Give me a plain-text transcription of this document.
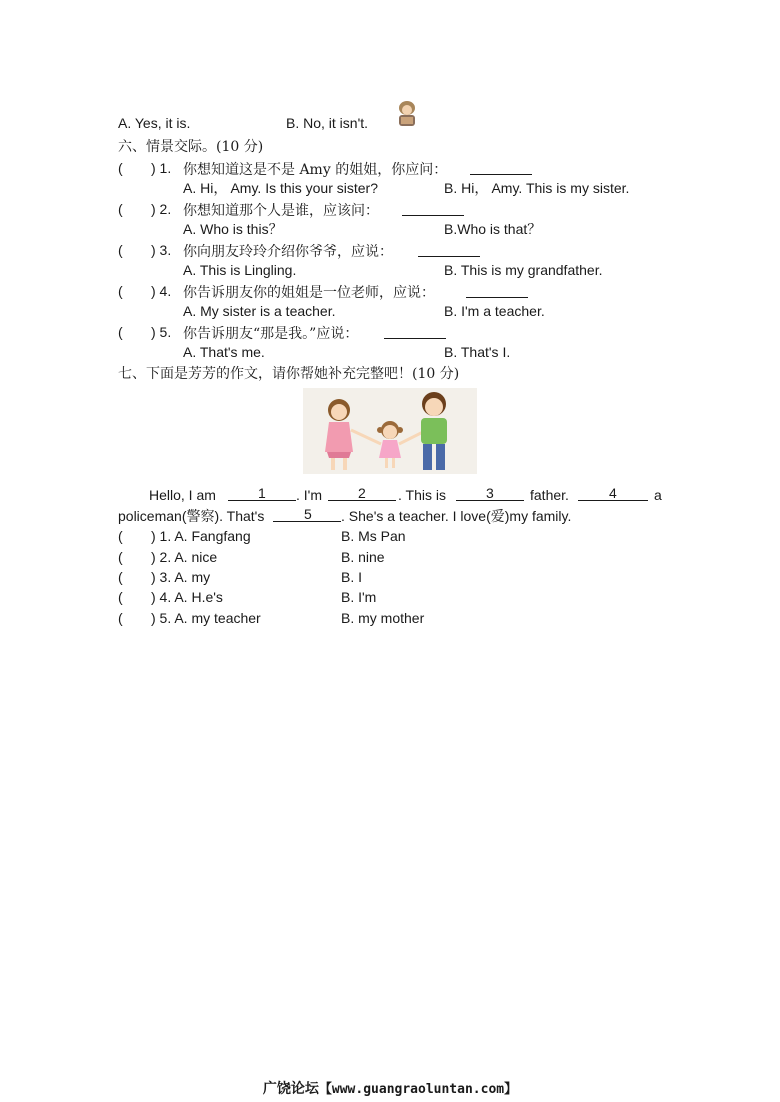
A. Yes, it is.	B. No, it isn't.
六、情景交际。(10 分)
( ) 1. 你想知道这是不是 Amy 的姐姐，你应问：
A. Hi， Amy. Is this your sister?	B. Hi， Amy. This is my sister.
( ) 2. 你想知道那个人是谁，应该问：
A. Who is this？	B.Who is that？
( ) 3. 你向朋友玲玲介绍你爷爷，应说：
A. This is Lingling.	B. This is my grandfather.
( ) 4. 你告诉朋友你的姐姐是一位老师，应说：
A. My sister is a teacher.	B. I'm a teacher.
( ) 5. 你告诉朋友“那是我。”应说：
A. That's me.	B. That's I.
七、下面是芳芳的作文，请你帮她补充完整吧！(10 分)
Hello, I am	1 . I'm	2 . This is	3	father.	4	a
policeman(警察). That's	5 . She's a teacher. I love(爱)my family.
( ) 1. A. Fangfang	B. Ms Pan
( ) 2. A. nice	B. nine
( ) 3. A. my	B. I
( ) 4. A. H.e's	B. I'm
( ) 5. A. my teacher	B. my mother
广饶论坛【www.guangraoluntan.com】
